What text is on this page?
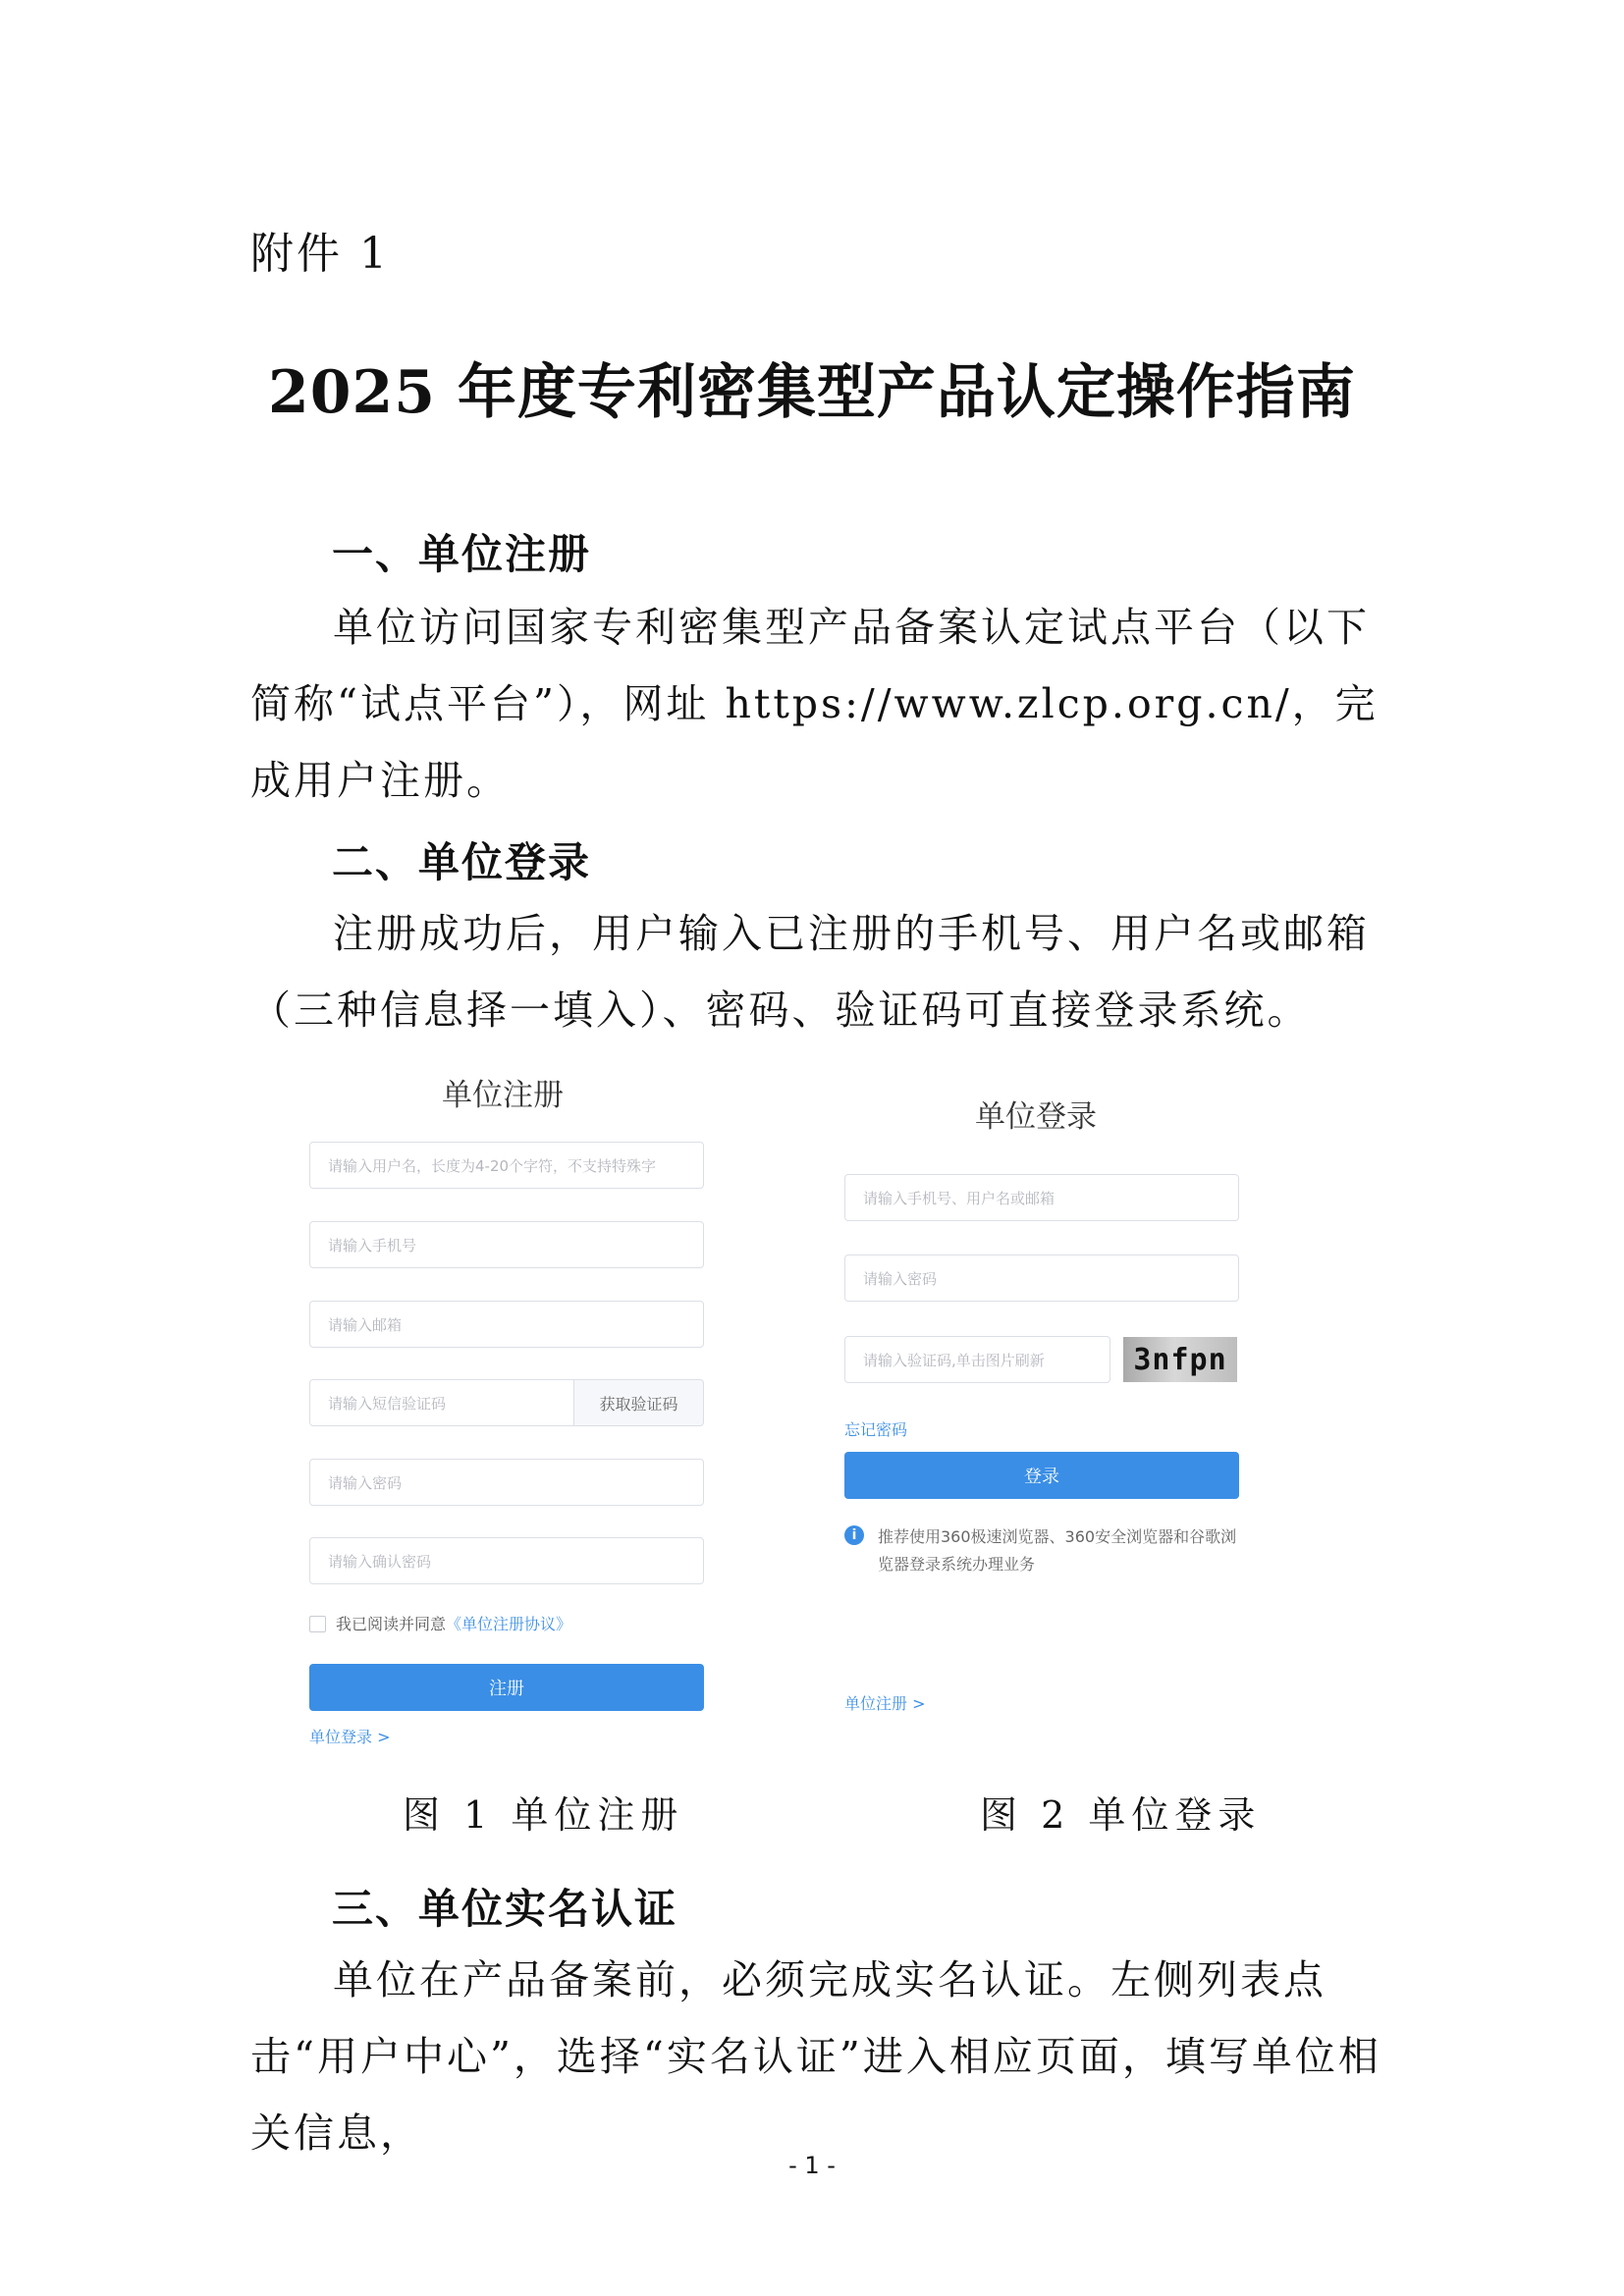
附件 1
2025 年度专利密集型产品认定操作指南
一、单位注册
单位访问国家专利密集型产品备案认定试点平台（以下简称“试点平台”），网址 https://www.zlcp.org.cn/，完成用户注册。
二、单位登录
注册成功后，用户输入已注册的手机号、用户名或邮箱（三种信息择一填入）、密码、验证码可直接登录系统。
单位注册
请输入用户名，长度为4-20个字符，不支持特殊字
请输入手机号
请输入邮箱
请输入短信验证码	获取验证码
请输入密码
请输入确认密码
我已阅读并同意《单位注册协议》
注册
单位登录 >
单位登录
请输入手机号、用户名或邮箱
请输入密码
请输入验证码,单击图片刷新	3nfpn
忘记密码
登录
i	推荐使用360极速浏览器、360安全浏览器和谷歌浏览器登录系统办理业务
单位注册 >
图 1 单位注册	图 2 单位登录
三、单位实名认证
单位在产品备案前，必须完成实名认证。左侧列表点击“用户中心”，选择“实名认证”进入相应页面，填写单位相关信息，
- 1 -
